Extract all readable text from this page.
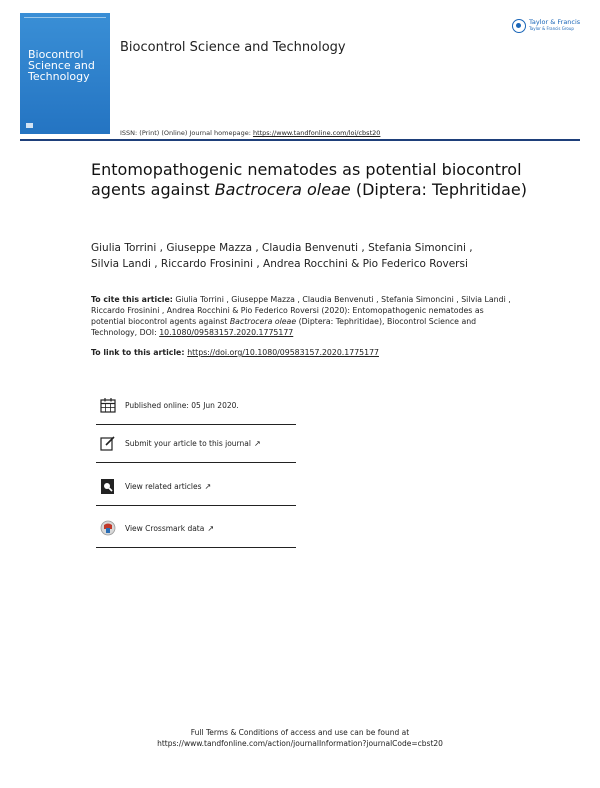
Biocontrol Science and Technology
Biocontrol Science and Technology
Taylor & Francis
Taylor & Francis Group
ISSN: (Print) (Online) Journal homepage: https://www.tandfonline.com/loi/cbst20
Entomopathogenic nematodes as potential biocontrol agents against Bactrocera oleae (Diptera: Tephritidae)
Giulia Torrini , Giuseppe Mazza , Claudia Benvenuti , Stefania Simoncini ,
Silvia Landi , Riccardo Frosinini , Andrea Rocchini & Pio Federico Roversi
To cite this article: Giulia Torrini , Giuseppe Mazza , Claudia Benvenuti , Stefania Simoncini , Silvia Landi , Riccardo Frosinini , Andrea Rocchini & Pio Federico Roversi (2020): Entomopathogenic nematodes as potential biocontrol agents against Bactrocera oleae (Diptera: Tephritidae), Biocontrol Science and Technology, DOI: 10.1080/09583157.2020.1775177
To link to this article: https://doi.org/10.1080/09583157.2020.1775177
Published online: 05 Jun 2020.
Submit your article to this journal ↗
View related articles ↗
View Crossmark data ↗
Full Terms & Conditions of access and use can be found at
https://www.tandfonline.com/action/journalInformation?journalCode=cbst20
